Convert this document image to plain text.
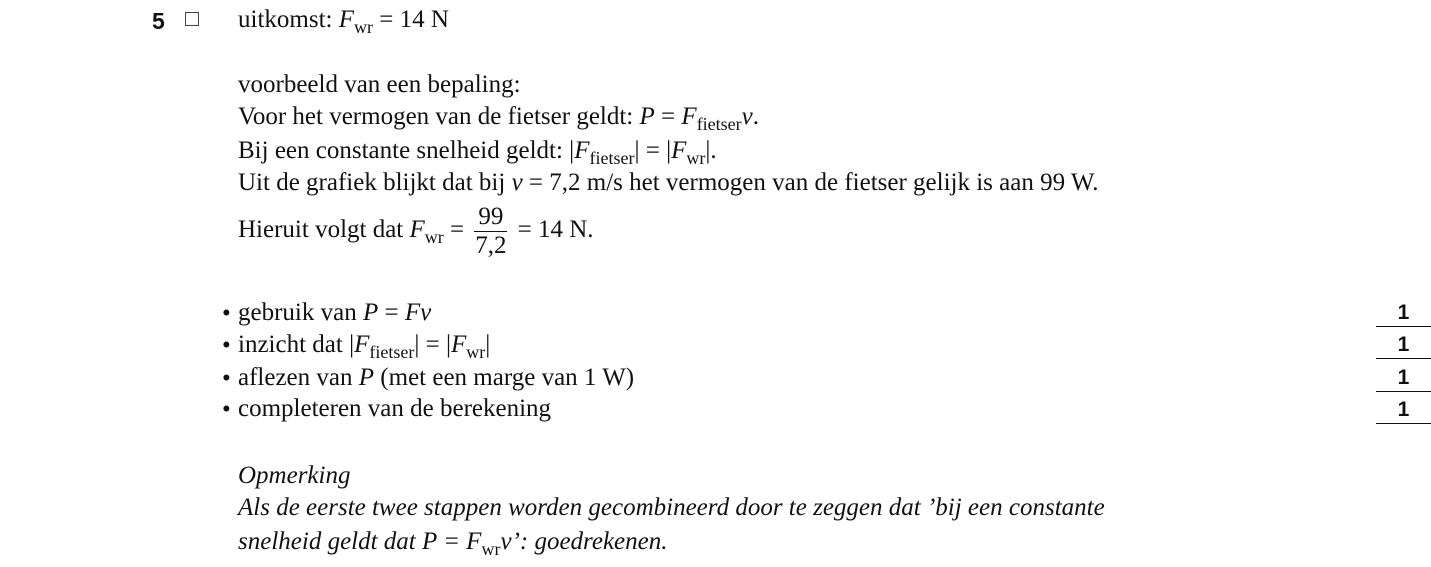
5	uitkomst: $F_{wr} = 14$ N
voorbeeld van een bepaling:
Voor het vermogen van de fietser geldt: $P = F_{fietser}v$.
Bij een constante snelheid geldt: $|F_{fietser}| = |F_{wr}|$.
Uit de grafiek blijkt dat bij v = 7,2 m/s het vermogen van de fietser gelijk is aan 99 W.
Hieruit volgt dat $F_{wr} = \frac{99}{7,2} = 14$ N.
• gebruik van P = Fv	1
• inzicht dat $|F_{fietser}| = |F_{wr}|$	1
• aflezen van P (met een marge van 1 W)	1
• completeren van de berekening	1
Opmerking
Als de eerste twee stappen worden gecombineerd door te zeggen dat ’bij een constante
snelheid geldt dat $P = F_{wr}v$’: goedrekenen.
